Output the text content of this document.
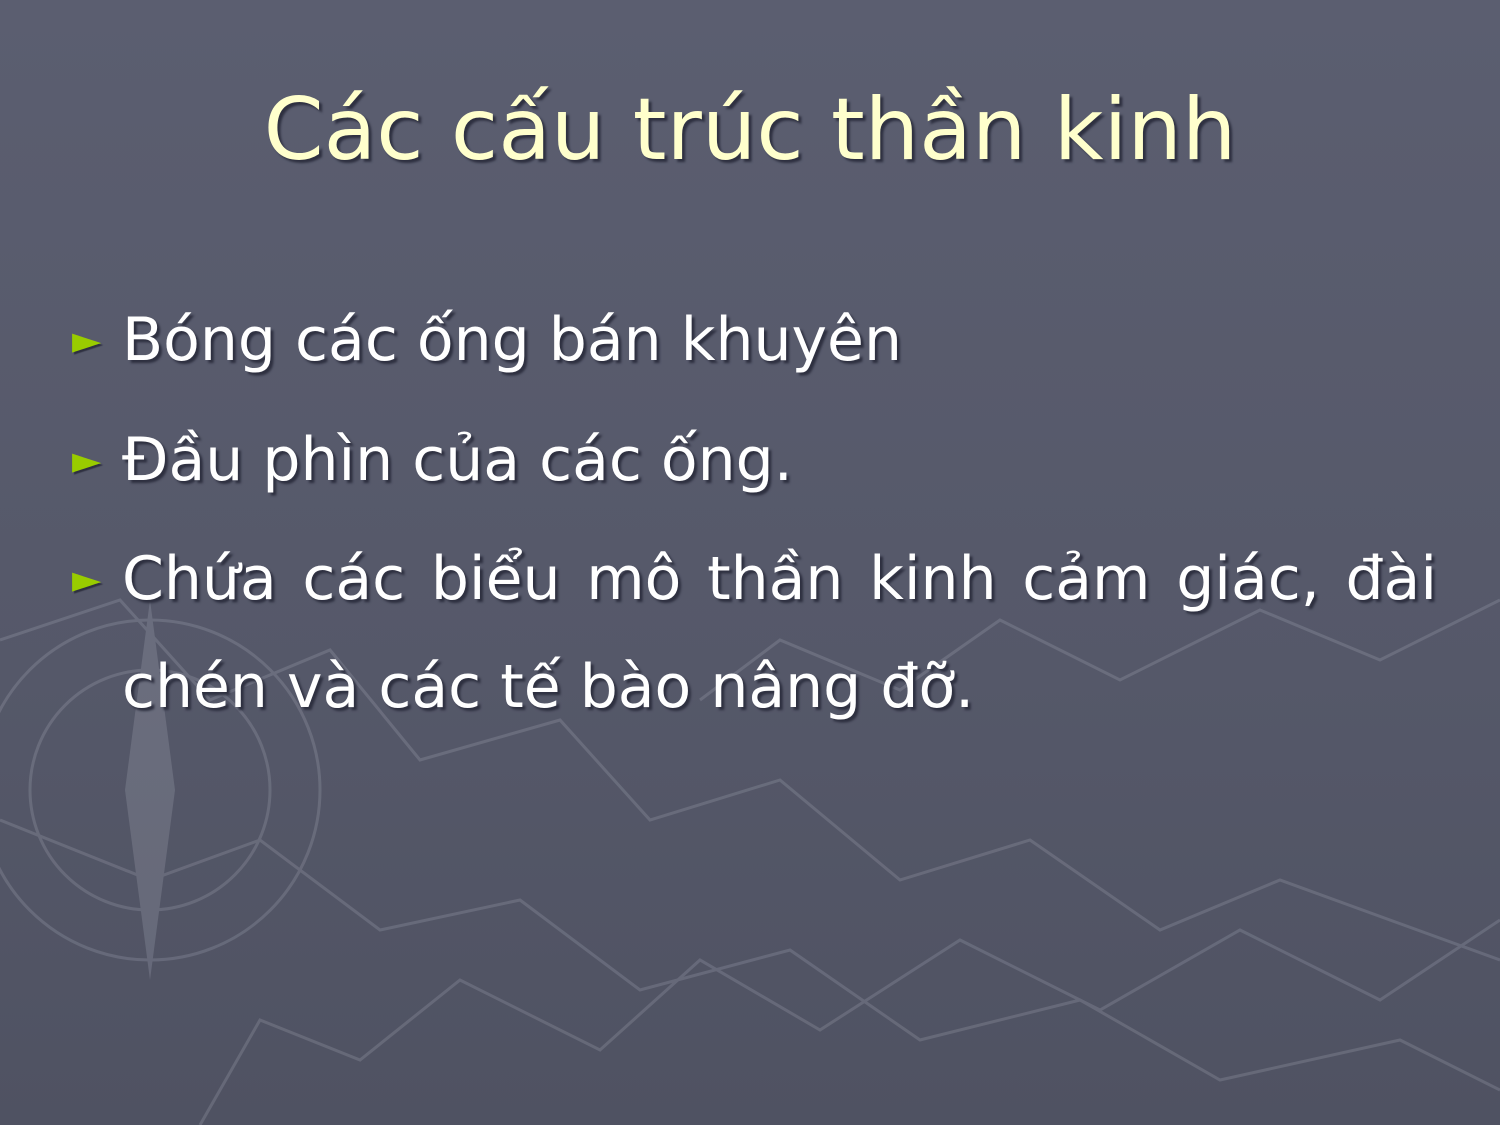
Các cấu trúc thần kinh
► Bóng các ống bán khuyên
► Đầu phìn của các ống.
► Chứa các biểu mô thần kinh cảm giác, đài chén và các tế bào nâng đỡ.
